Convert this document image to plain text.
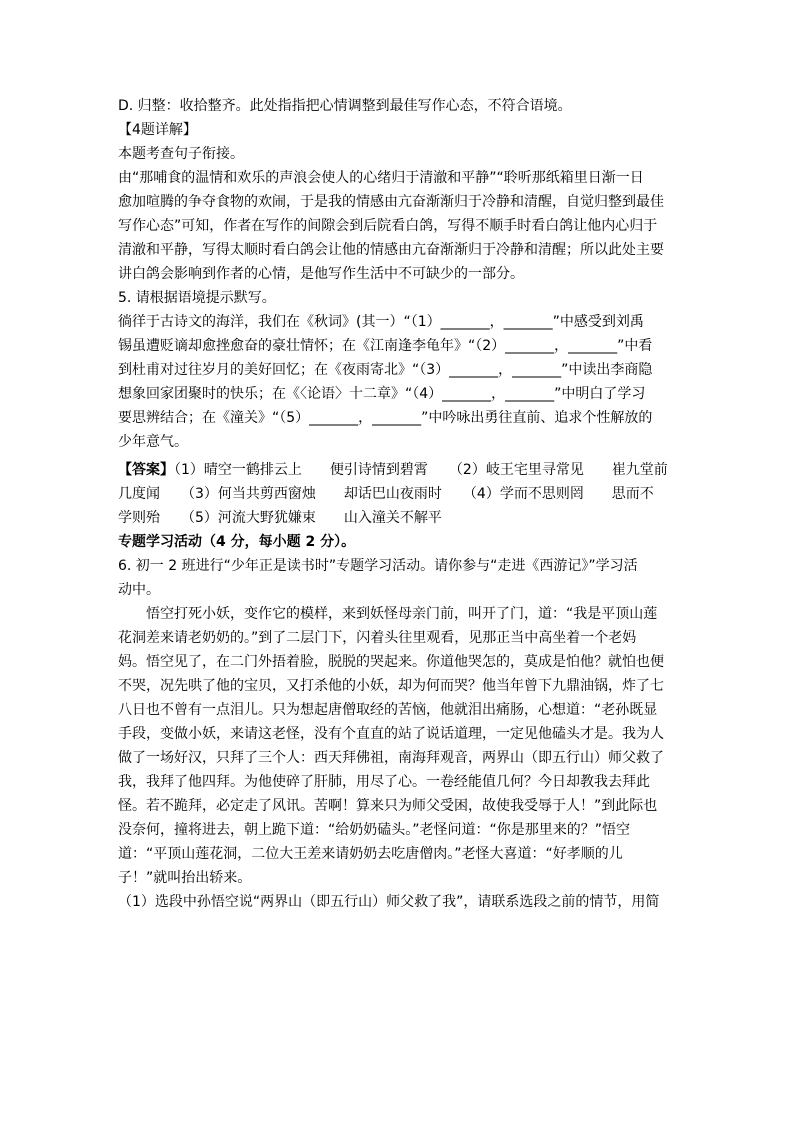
D. 归整：收拾整齐。此处指指把心情调整到最佳写作心态，不符合语境。
【4题详解】
本题考查句子衔接。
由“那哺食的温情和欢乐的声浪会使人的心绪归于清澈和平静”“聆听那纸箱里日渐一日
愈加喧腾的争夺食物的欢闹，于是我的情感由亢奋渐渐归于冷静和清醒，自觉归整到最佳
写作心态”可知，作者在写作的间隙会到后院看白鸽，写得不顺手时看白鸽让他内心归于
清澈和平静，写得太顺时看白鸽会让他的情感由亢奋渐渐归于冷静和清醒；所以此处主要
讲白鸽会影响到作者的心情，是他写作生活中不可缺少的一部分。
5. 请根据语境提示默写。
徜徉于古诗文的海洋，我们在《秋词》(其一）“（1）_______，_______”中感受到刘禹
锡虽遭贬谪却愈挫愈奋的豪壮情怀；在《江南逢李龟年》“（2）_______，_______”中看
到杜甫对过往岁月的美好回忆；在《夜雨寄北》“（3）_______，_______”中读出李商隐
想象回家团聚时的快乐；在《〈论语〉十二章》“（4）_______，_______”中明白了学习
要思辨结合；在《潼关》“（5）_______，_______”中吟咏出勇往直前、追求个性解放的
少年意气。
【答案】（1）晴空一鹤排云上　　便引诗情到碧霄　　（2）岐王宅里寻常见　　崔九堂前
几度闻　　（3）何当共剪西窗烛　　却话巴山夜雨时　　（4）学而不思则罔　　思而不
学则殆　　（5）河流大野犹嫌束　　山入潼关不解平
专题学习活动（4 分，每小题 2 分）。
6. 初一 2 班进行“少年正是读书时”专题学习活动。请你参与“走进《西游记》”学习活
动中。
悟空打死小妖，变作它的模样，来到妖怪母亲门前，叫开了门，道：“我是平顶山莲
花洞差来请老奶奶的。”到了二层门下，闪着头往里观看，见那正当中高坐着一个老妈
妈。悟空见了，在二门外捂着脸，脱脱的哭起来。你道他哭怎的，莫成是怕他？就怕也便
不哭，况先哄了他的宝贝，又打杀他的小妖，却为何而哭？他当年曾下九鼎油锅，炸了七
八日也不曾有一点泪儿。只为想起唐僧取经的苦恼，他就泪出痛肠，心想道：“老孙既显
手段，变做小妖，来请这老怪，没有个直直的站了说话道理，一定见他磕头才是。我为人
做了一场好汉，只拜了三个人：西天拜佛祖，南海拜观音，两界山（即五行山）师父救了
我，我拜了他四拜。为他使碎了肝肺，用尽了心。一卷经能值几何？今日却教我去拜此
怪。若不跪拜，必定走了风讯。苦啊！算来只为师父受困，故使我受辱于人！”到此际也
没奈何，撞将进去，朝上跪下道：“给奶奶磕头。”老怪问道：“你是那里来的？”悟空
道：“平顶山莲花洞，二位大王差来请奶奶去吃唐僧肉。”老怪大喜道：“好孝顺的儿
子！”就叫抬出轿来。
（1）选段中孙悟空说“两界山（即五行山）师父救了我”，请联系选段之前的情节，用简
